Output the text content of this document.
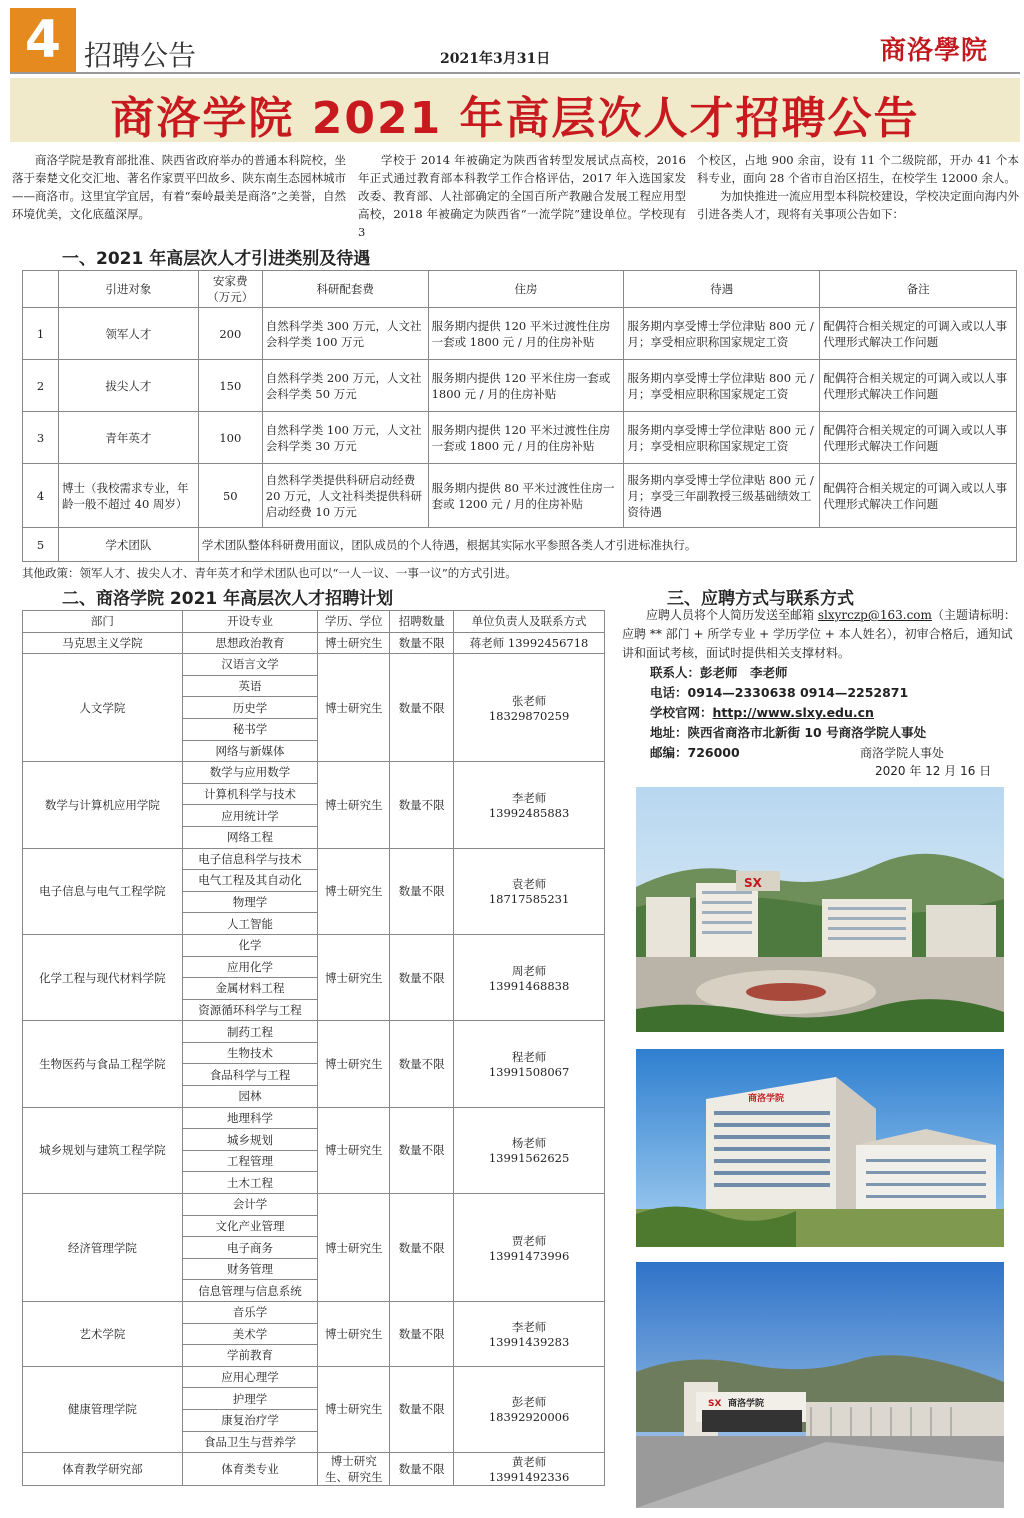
4 招聘公告	2021年3月31日	商洛學院
商洛学院 2021 年高层次人才招聘公告
商洛学院是教育部批准、陕西省政府举办的普通本科院校，坐落于秦楚文化交汇地、著名作家贾平凹故乡、陕东南生态园林城市——商洛市。这里宜学宜居，有着“秦岭最美是商洛”之美誉，自然环境优美，文化底蕴深厚。
学校于 2014 年被确定为陕西省转型发展试点高校，2016 年正式通过教育部本科教学工作合格评估，2017 年入选国家发改委、教育部、人社部确定的全国百所产教融合发展工程应用型高校，2018 年被确定为陕西省“一流学院”建设单位。学校现有 3

个校区，占地 900 余亩，设有 11 个二级院部，开办 41 个本科专业，面向 28 个省市自治区招生，在校学生 12000 余人。

为加快推进一流应用型本科院校建设，学校决定面向海内外引进各类人才，现将有关事项公告如下：

一、2021 年高层次人才引进类别及待遇
	引进对象	安家费（万元）	科研配套费	住房	待遇	备注
1	领军人才	200	自然科学类 300 万元，人文社会科学类 100 万元	服务期内提供 120 平米过渡性住房一套或 1800 元 / 月的住房补贴	服务期内享受博士学位津贴 800 元 / 月；享受相应职称国家规定工资	配偶符合相关规定的可调入或以人事代理形式解决工作问题
2	拔尖人才	150	自然科学类 200 万元，人文社会科学类 50 万元	服务期内提供 120 平米住房一套或 1800 元 / 月的住房补贴	服务期内享受博士学位津贴 800 元 / 月；享受相应职称国家规定工资	配偶符合相关规定的可调入或以人事代理形式解决工作问题
3	青年英才	100	自然科学类 100 万元，人文社会科学类 30 万元	服务期内提供 120 平米过渡性住房一套或 1800 元 / 月的住房补贴	服务期内享受博士学位津贴 800 元 / 月；享受相应职称国家规定工资	配偶符合相关规定的可调入或以人事代理形式解决工作问题
4	博士（我校需求专业，年龄一般不超过 40 周岁）	50	自然科学类提供科研启动经费 20 万元，人文社科类提供科研启动经费 10 万元	服务期内提供 80 平米过渡性住房一套或 1200 元 / 月的住房补贴	服务期内享受博士学位津贴 800 元 / 月；享受三年副教授三级基础绩效工资待遇	配偶符合相关规定的可调入或以人事代理形式解决工作问题
5	学术团队	学术团队整体科研费用面议，团队成员的个人待遇，根据其实际水平参照各类人才引进标准执行。				
其他政策：领军人才、拔尖人才、青年英才和学术团队也可以“一人一议、一事一议”的方式引进。
二、商洛学院 2021 年高层次人才招聘计划
部门	开设专业	学历、学位	招聘数量	单位负责人及联系方式
马克思主义学院	思想政治教育	博士研究生	数量不限	蒋老师 13992456718

人文学院	汉语言文学	博士研究生	数量不限	张老师
18329870259

	英语			
	历史学			
	秘书学			
	网络与新媒体			
数学与计算机应用学院	数学与应用数学	博士研究生	数量不限	李老师
13992485883

	计算机科学与技术			
	应用统计学			
	网络工程			
电子信息与电气工程学院	电子信息科学与技术	博士研究生	数量不限	袁老师
18717585231

	电气工程及其自动化			
	物理学			
	人工智能			
化学工程与现代材料学院	化学	博士研究生	数量不限	周老师
13991468838

	应用化学			
	金属材料工程			
	资源循环科学与工程			
生物医药与食品工程学院	制药工程	博士研究生	数量不限	程老师
13991508067

	生物技术			
	食品科学与工程			
	园林			
城乡规划与建筑工程学院	地理科学	博士研究生	数量不限	杨老师
13991562625

	城乡规划			
	工程管理			
	土木工程			
经济管理学院	会计学	博士研究生	数量不限	贾老师
13991473996

	文化产业管理			
	电子商务			
	财务管理			
	信息管理与信息系统			
艺术学院	音乐学	博士研究生	数量不限	李老师
13991439283

	美术学			
	学前教育			
健康管理学院	应用心理学	博士研究生	数量不限	彭老师
18392920006

	护理学			
	康复治疗学			
	食品卫生与营养学			
体育教学研究部	体育类专业	博士研究生、研究生	数量不限	黄老师
13991492336
三、应聘方式与联系方式

应聘人员将个人简历发送至邮箱 slxyrczp@163.com（主题请标明：应聘 ** 部门 + 所学专业 + 学历学位 + 本人姓名），初审合格后，通知试讲和面试考核，面试时提供相关支撑材料。

联系人：彭老师　李老师

电话：0914—2330638 0914—2252871

学校官网：http://www.slxy.edu.cn

地址：陕西省商洛市北新街 10 号商洛学院人事处

邮编：726000	商洛学院人事处
2020 年 12 月 16 日
SX
商洛学院
商洛学院
SX
